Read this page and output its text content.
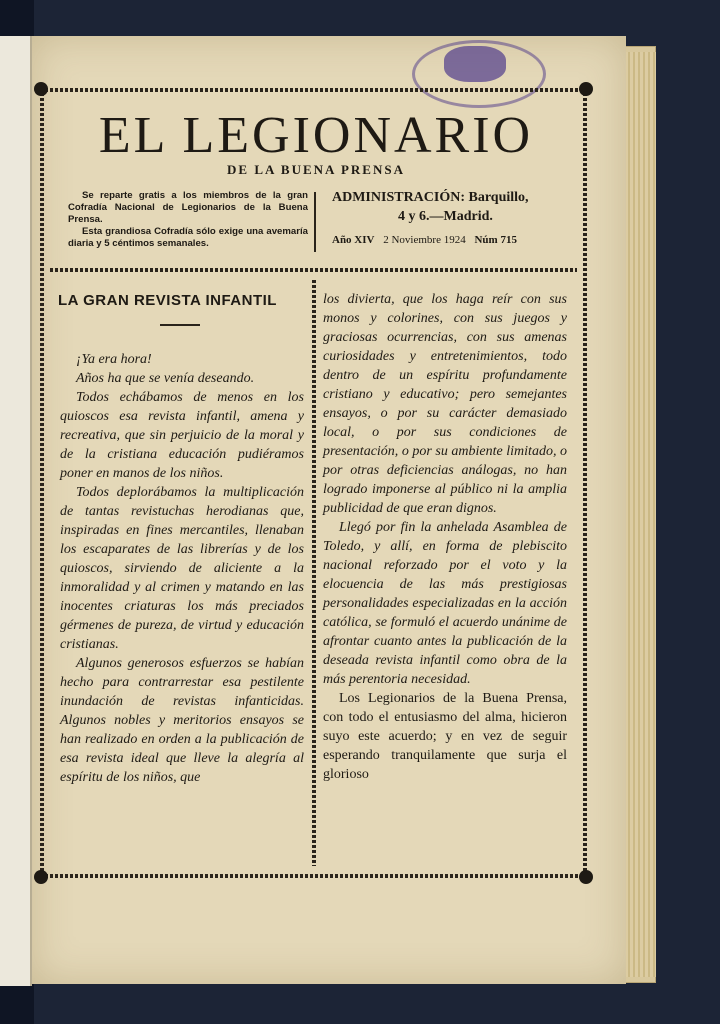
EL LEGIONARIO
DE LA BUENA PRENSA

Se reparte gratis a los miembros de la gran Cofradía Nacional de Legionarios de la Buena Prensa.

Esta grandiosa Cofradía sólo exige una avemaría diaria y 5 céntimos semanales.

ADMINISTRACIÓN: Barquillo,
4 y 6.—Madrid.
Año XIV 2 Noviembre 1924 Núm 715
LA GRAN REVISTA INFANTIL

¡Ya era hora!

Años ha que se venía deseando.

Todos echábamos de menos en los quioscos esa revista infantil, amena y recreativa, que sin perjuicio de la moral y de la cristiana educación pudiéramos poner en manos de los niños.

Todos deplorábamos la multiplicación de tantas revistuchas herodianas que, inspiradas en fines mercantiles, llenaban los escaparates de las librerías y de los quioscos, sirviendo de aliciente a la inmoralidad y al crimen y matando en las inocentes criaturas los más preciados gérmenes de pureza, de virtud y educación cristianas.

Algunos generosos esfuerzos se habían hecho para contrarrestar esa pestilente inundación de revistas infanticidas. Algunos nobles y meritorios ensayos se han realizado en orden a la publicación de esa revista ideal que lleve la alegría al espíritu de los niños, que

los divierta, que los haga reír con sus monos y colorines, con sus juegos y graciosas ocurrencias, con sus amenas curiosidades y entretenimientos, todo dentro de un espíritu profundamente cristiano y educativo; pero semejantes ensayos, o por su carácter demasiado local, o por sus condiciones de presentación, o por su ambiente limitado, o por otras deficiencias análogas, no han logrado imponerse al público ni la amplia publicidad de que eran dignos.

Llegó por fin la anhelada Asamblea de Toledo, y allí, en forma de plebiscito nacional reforzado por el voto y la elocuencia de las más prestigiosas personalidades especializadas en la acción católica, se formuló el acuerdo unánime de afrontar cuanto antes la publicación de la deseada revista infantil como obra de la más perentoria necesidad.

Los Legionarios de la Buena Prensa, con todo el entusiasmo del alma, hicieron suyo este acuerdo; y en vez de seguir esperando tranquilamente que surja el glorioso
